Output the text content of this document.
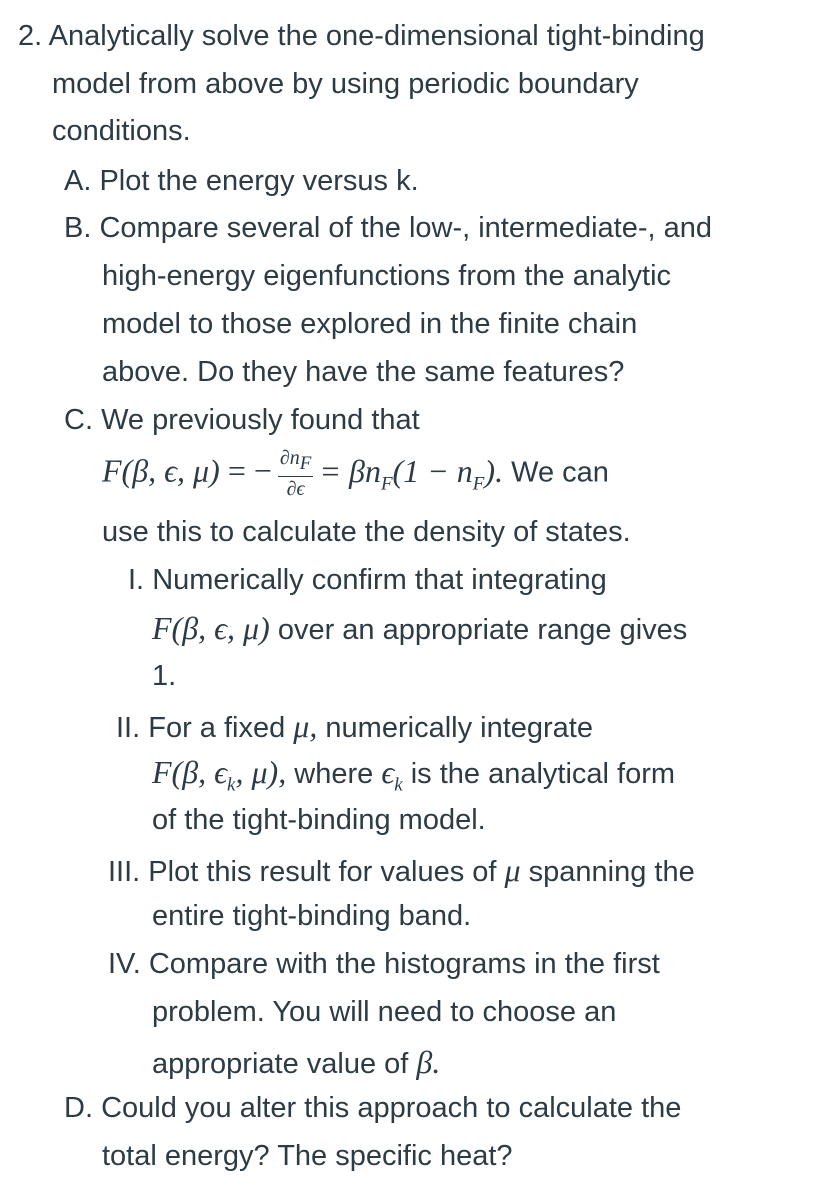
2. Analytically solve the one-dimensional tight-binding
model from above by using periodic boundary
conditions.
A. Plot the energy versus k.
B. Compare several of the low-, intermediate-, and
high-energy eigenfunctions from the analytic
model to those explored in the finite chain
above. Do they have the same features?
C. We previously found that
F(β, ϵ, μ) = − $\frac{\partial n_F}{\partial\epsilon} = \beta n_F(1 - n_F)$. We can
use this to calculate the density of states.
I. Numerically confirm that integrating
F(β, ϵ, μ) over an appropriate range gives
1.
II. For a fixed μ, numerically integrate
F(β, $\epsilon_k$, μ), where $\epsilon_k$ is the analytical form
of the tight-binding model.
III. Plot this result for values of μ spanning the
entire tight-binding band.
IV. Compare with the histograms in the first
problem. You will need to choose an
appropriate value of β.
D. Could you alter this approach to calculate the
total energy? The specific heat?
